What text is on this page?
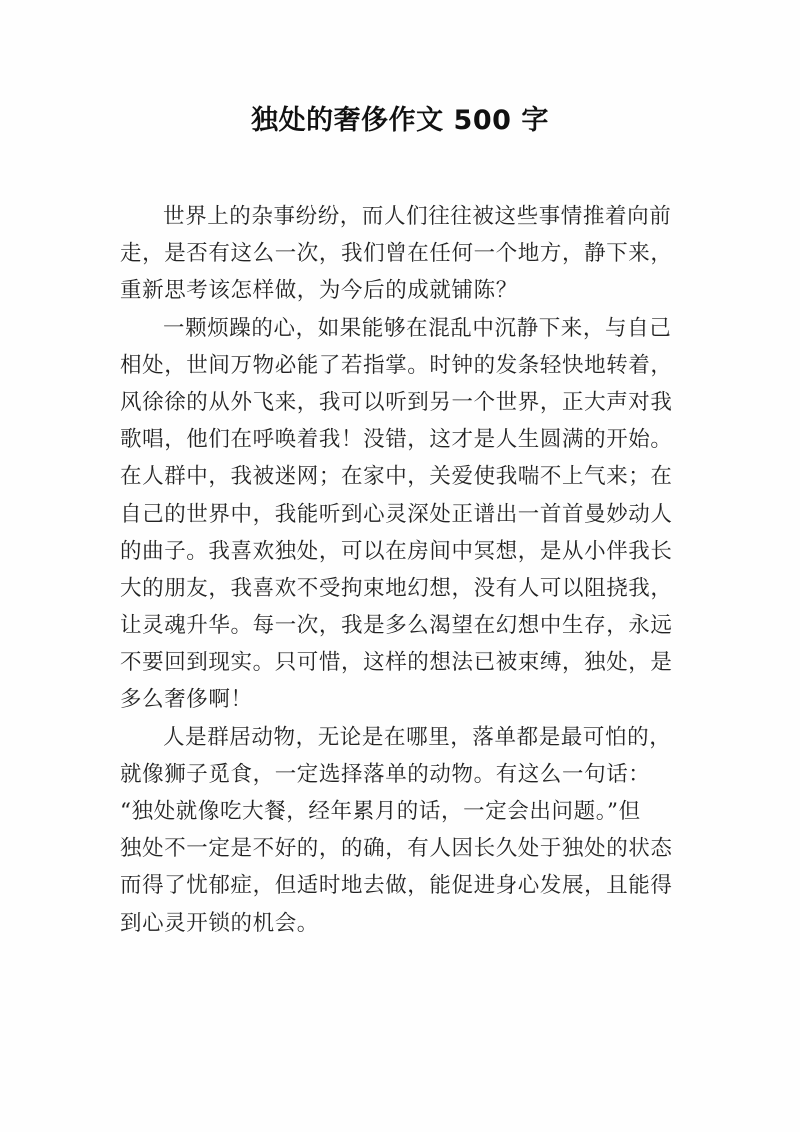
独处的奢侈作文 500 字
世界上的杂事纷纷，而人们往往被这些事情推着向前
走，是否有这么一次，我们曾在任何一个地方，静下来，
重新思考该怎样做，为今后的成就铺陈？
一颗烦躁的心，如果能够在混乱中沉静下来，与自己
相处，世间万物必能了若指掌。时钟的发条轻快地转着，
风徐徐的从外飞来，我可以听到另一个世界，正大声对我
歌唱，他们在呼唤着我！没错，这才是人生圆满的开始。
在人群中，我被迷网；在家中，关爱使我喘不上气来；在
自己的世界中，我能听到心灵深处正谱出一首首曼妙动人
的曲子。我喜欢独处，可以在房间中冥想，是从小伴我长
大的朋友，我喜欢不受拘束地幻想，没有人可以阻挠我，
让灵魂升华。每一次，我是多么渴望在幻想中生存，永远
不要回到现实。只可惜，这样的想法已被束缚，独处，是
多么奢侈啊！
人是群居动物，无论是在哪里，落单都是最可怕的，
就像狮子觅食，一定选择落单的动物。有这么一句话：
“独处就像吃大餐，经年累月的话，一定会出问题。”但
独处不一定是不好的，的确，有人因长久处于独处的状态
而得了忧郁症，但适时地去做，能促进身心发展，且能得
到心灵开锁的机会。
